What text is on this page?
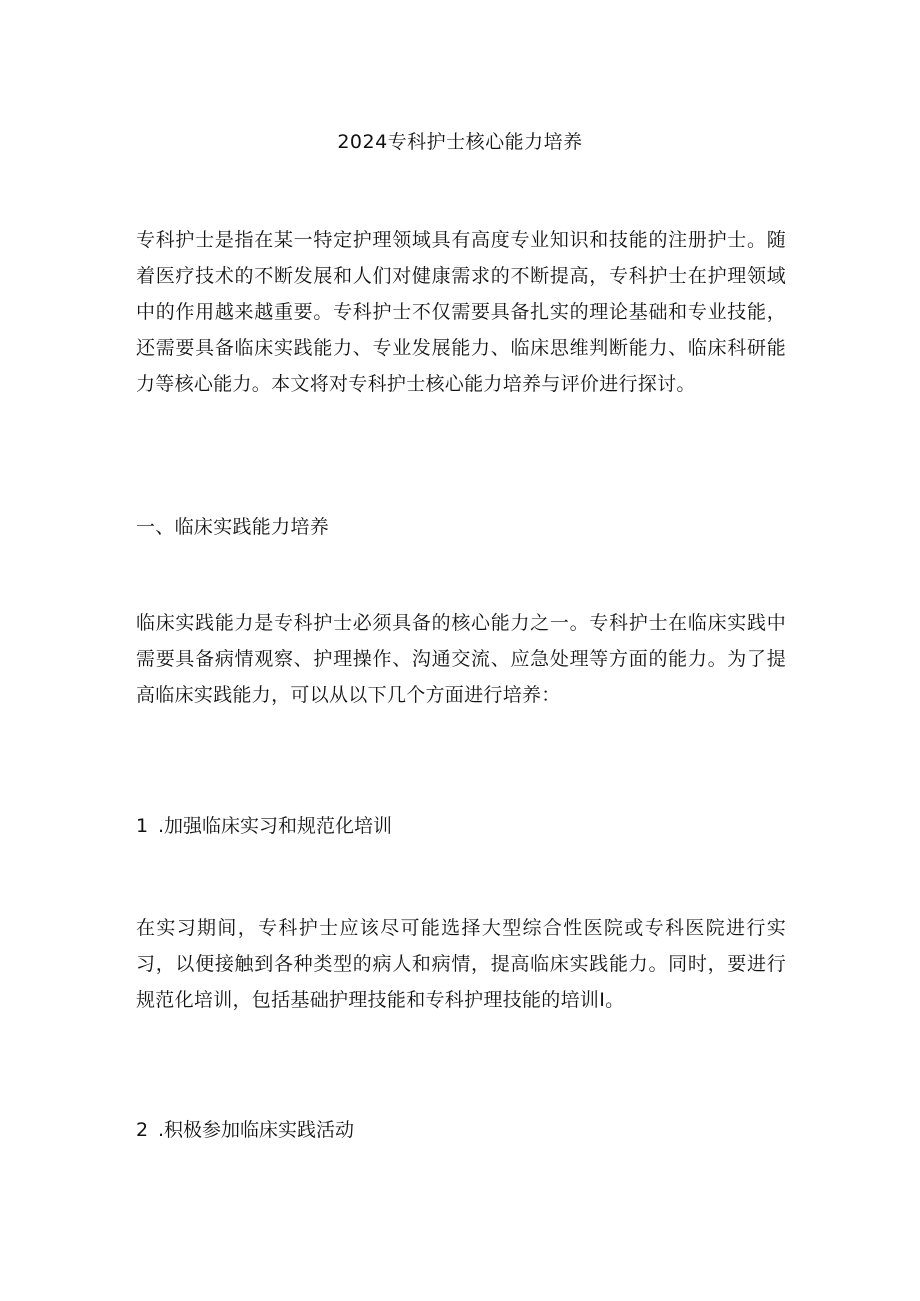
2024专科护士核心能力培养

专科护士是指在某一特定护理领域具有高度专业知识和技能的注册护士。随着医疗技术的不断发展和人们对健康需求的不断提高，专科护士在护理领域中的作用越来越重要。专科护士不仅需要具备扎实的理论基础和专业技能，还需要具备临床实践能力、专业发展能力、临床思维判断能力、临床科研能力等核心能力。本文将对专科护士核心能力培养与评价进行探讨。

一、临床实践能力培养

临床实践能力是专科护士必须具备的核心能力之一。专科护士在临床实践中需要具备病情观察、护理操作、沟通交流、应急处理等方面的能力。为了提高临床实践能力，可以从以下几个方面进行培养：

1 .加强临床实习和规范化培训

在实习期间，专科护士应该尽可能选择大型综合性医院或专科医院进行实习，以便接触到各种类型的病人和病情，提高临床实践能力。同时，要进行规范化培训，包括基础护理技能和专科护理技能的培训I。

2 .积极参加临床实践活动
